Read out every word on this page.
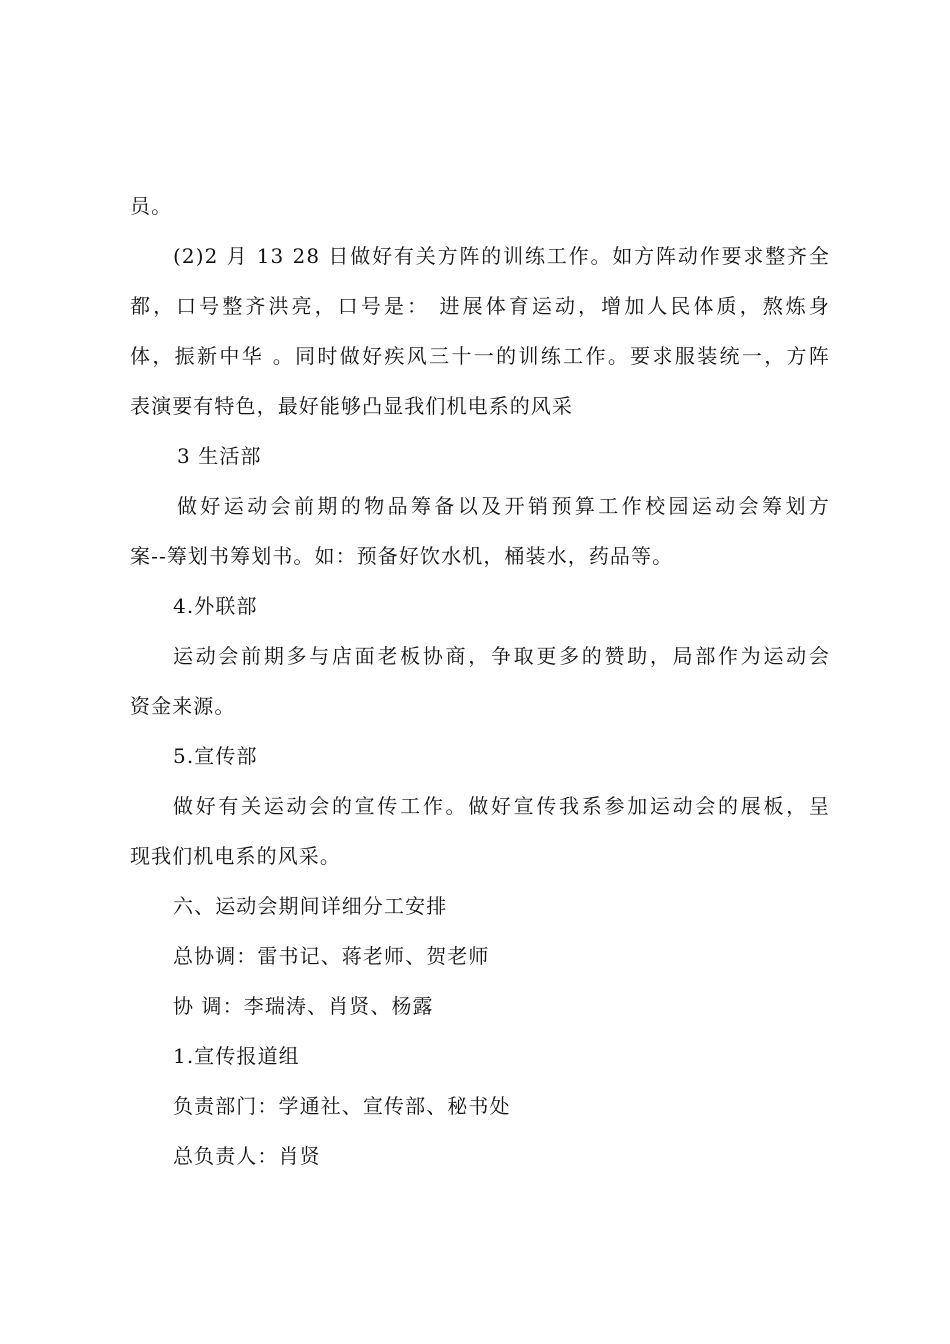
员。
(2)2 月 13 28 日做好有关方阵的训练工作。如方阵动作要求整齐全
都，口号整齐洪亮，口号是： 进展体育运动，增加人民体质，熬炼身
体，振新中华 。同时做好疾风三十一的训练工作。要求服装统一，方阵
表演要有特色，最好能够凸显我们机电系的风采
3 生活部
做好运动会前期的物品筹备以及开销预算工作校园运动会筹划方
案--筹划书筹划书。如：预备好饮水机，桶装水，药品等。
4.外联部
运动会前期多与店面老板协商，争取更多的赞助，局部作为运动会
资金来源。
5.宣传部
做好有关运动会的宣传工作。做好宣传我系参加运动会的展板，呈
现我们机电系的风采。
六、运动会期间详细分工安排
总协调：雷书记、蒋老师、贺老师
协 调：李瑞涛、肖贤、杨露
1.宣传报道组
负责部门：学通社、宣传部、秘书处
总负责人：肖贤
